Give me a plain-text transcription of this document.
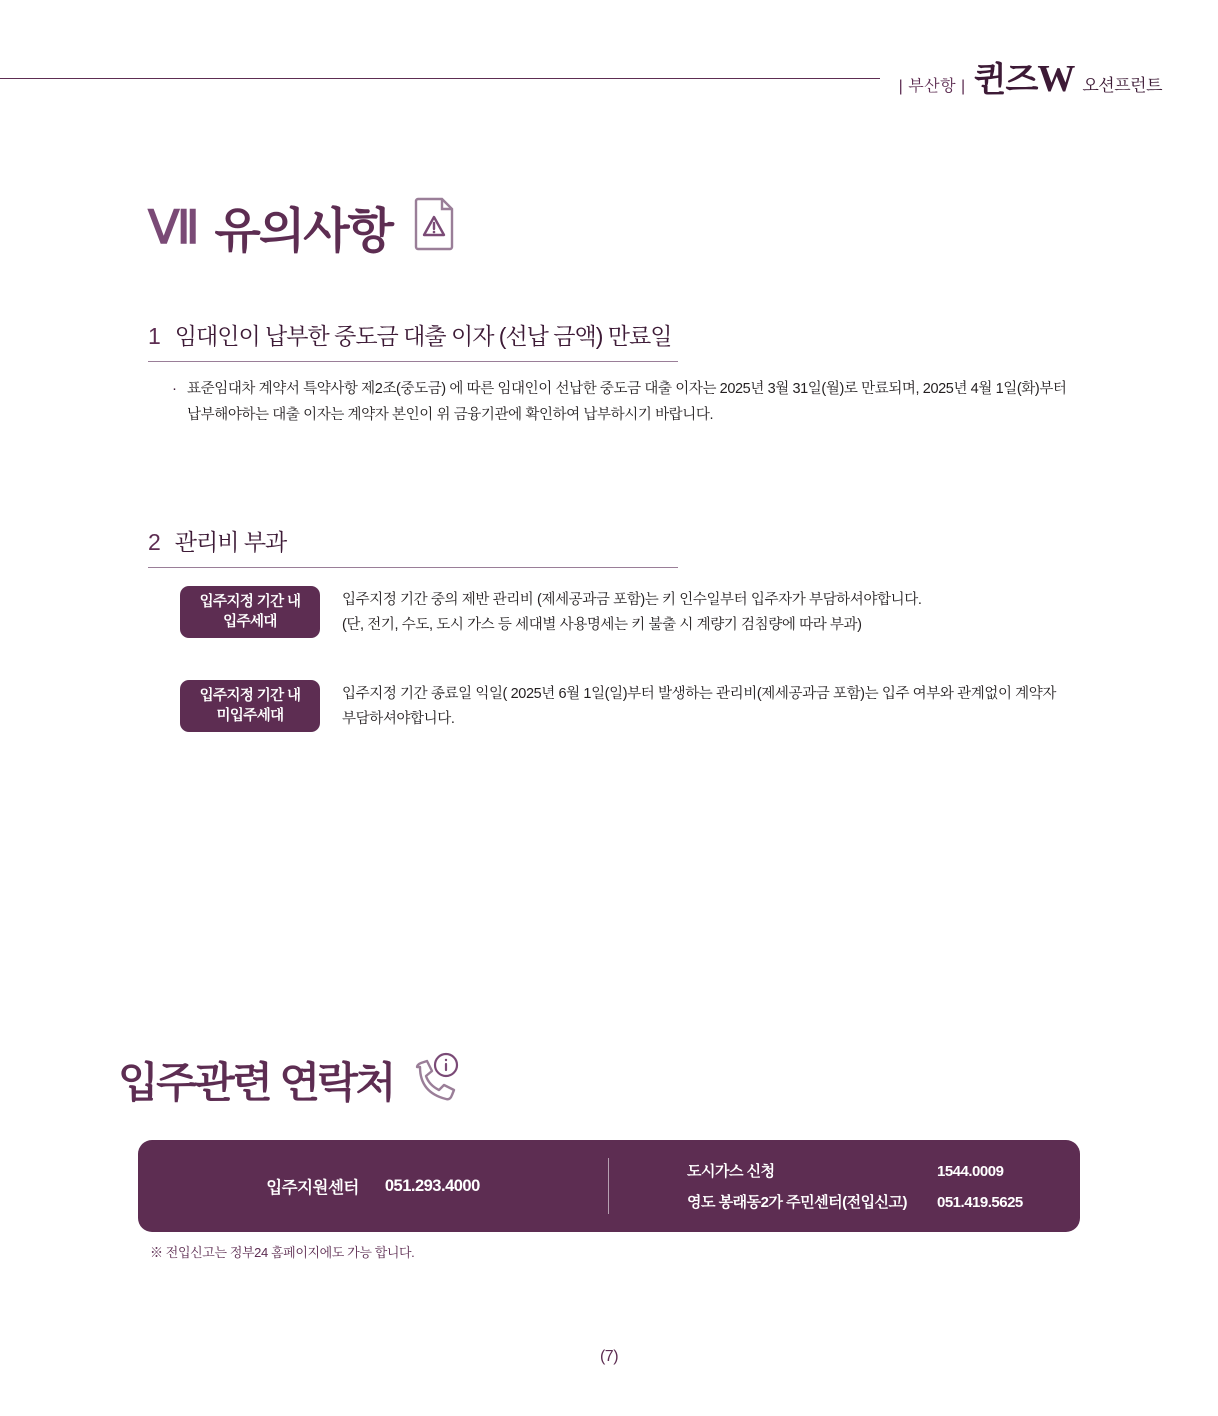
| 부산항 | 퀸즈W 오션프런트
Ⅶ 유의사항
1 임대인이 납부한 중도금 대출 이자 (선납 금액) 만료일
· 표준임대차 계약서 특약사항 제2조(중도금) 에 따른 임대인이 선납한 중도금 대출 이자는 2025년 3월 31일(월)로 만료되며, 2025년 4월 1일(화)부터 납부해야하는 대출 이자는 계약자 본인이 위 금융기관에 확인하여 납부하시기 바랍니다.
2 관리비 부과
입주지정 기간 내
입주세대
입주지정 기간 중의 제반 관리비 (제세공과금 포함)는 키 인수일부터 입주자가 부담하셔야합니다.
(단, 전기, 수도, 도시 가스 등 세대별 사용명세는 키 불출 시 계량기 검침량에 따라 부과)
입주지정 기간 내
미입주세대
입주지정 기간 종료일 익일( 2025년 6월 1일(일)부터 발생하는 관리비(제세공과금 포함)는 입주 여부와 관계없이 계약자
부담하셔야합니다.
입주관련 연락처
입주지원센터 051.293.4000
도시가스 신청	1544.0009
영도 봉래동2가 주민센터(전입신고)	051.419.5625
※ 전입신고는 정부24 홈페이지에도 가능 합니다.
(7)
